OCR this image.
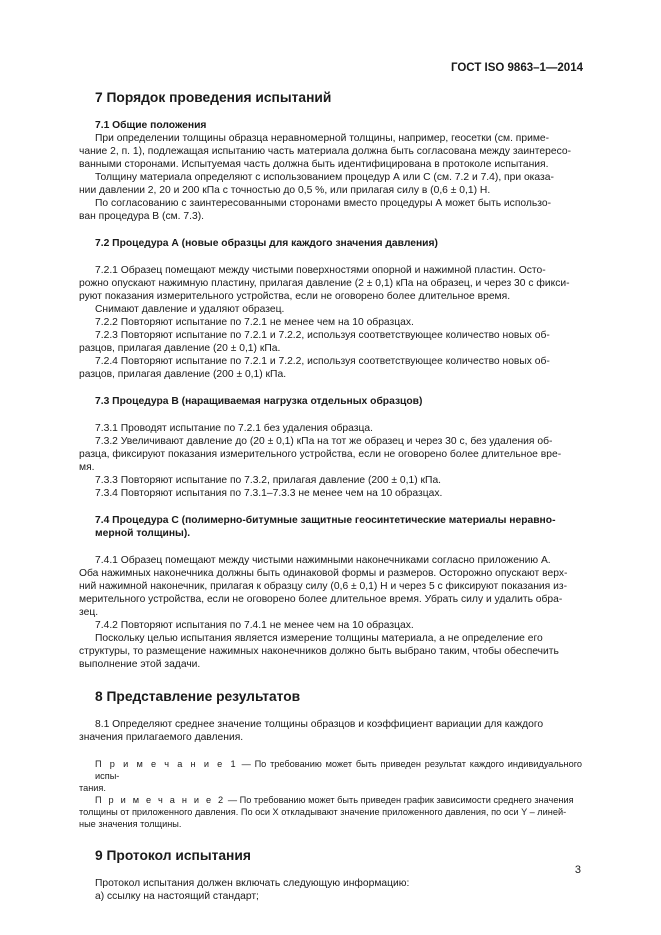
ГОСТ ISO 9863–1—2014
7 Порядок проведения испытаний
7.1 Общие положения

При определении толщины образца неравномерной толщины, например, геосетки (см. приме-

чание 2, п. 1), подлежащая испытанию часть материала должна быть согласована между заинтересо-

ванными сторонами. Испытуемая часть должна быть идентифицирована в протоколе испытания.

Толщину материала определяют с использованием процедур А или С (см. 7.2 и 7.4), при оказа-

нии давлении 2, 20 и 200 кПа с точностью до 0,5 %, или прилагая силу в (0,6 ± 0,1) Н.

По согласованию с заинтересованными сторонами вместо процедуры А может быть использо-

ван процедура В (см. 7.3).

7.2 Процедура А (новые образцы для каждого значения давления)

7.2.1 Образец помещают между чистыми поверхностями опорной и нажимной пластин. Осто-

рожно опускают нажимную пластину, прилагая давление (2 ± 0,1) кПа на образец, и через 30 с фикси-

руют показания измерительного устройства, если не оговорено более длительное время.

Снимают давление и удаляют образец.

7.2.2 Повторяют испытание по 7.2.1 не менее чем на 10 образцах.

7.2.3 Повторяют испытание по 7.2.1 и 7.2.2, используя соответствующее количество новых об-

разцов, прилагая давление (20 ± 0,1) кПа.

7.2.4 Повторяют испытание по 7.2.1 и 7.2.2, используя соответствующее количество новых об-

разцов, прилагая давление (200 ± 0,1) кПа.

7.3 Процедура В (наращиваемая нагрузка отдельных образцов)

7.3.1 Проводят испытание по 7.2.1 без удаления образца.

7.3.2 Увеличивают давление до (20 ± 0,1) кПа на тот же образец и через 30 с, без удаления об-

разца, фиксируют показания измерительного устройства, если не оговорено более длительное вре-

мя.

7.3.3 Повторяют испытание по 7.3.2, прилагая давление (200 ± 0,1) кПа.

7.3.4 Повторяют испытания по 7.3.1–7.3.3 не менее чем на 10 образцах.

7.4 Процедура С (полимерно-битумные защитные геосинтетические материалы неравно-
мерной толщины).

7.4.1 Образец помещают между чистыми нажимными наконечниками согласно приложению А.

Оба нажимных наконечника должны быть одинаковой формы и размеров. Осторожно опускают верх-

ний нажимной наконечник, прилагая к образцу силу (0,6 ± 0,1) Н и через 5 с фиксируют показания из-

мерительного устройства, если не оговорено более длительное время. Убрать силу и удалить обра-

зец.

7.4.2 Повторяют испытания по 7.4.1 не менее чем на 10 образцах.

Поскольку целью испытания является измерение толщины материала, а не определение его

структуры, то размещение нажимных наконечников должно быть выбрано таким, чтобы обеспечить

выполнение этой задачи.

8 Представление результатов

8.1 Определяют среднее значение толщины образцов и коэффициент вариации для каждого

значения прилагаемого давления.

П р и м е ч а н и е 1 — По требованию может быть приведен результат каждого индивидуального испы-

тания.

П р и м е ч а н и е 2 — По требованию может быть приведен график зависимости среднего значения

толщины от приложенного давления. По оси X откладывают значение приложенного давления, по оси Y – линей-

ные значения толщины.

9 Протокол испытания

Протокол испытания должен включать следующую информацию:

а) ссылку на настоящий стандарт;

3
